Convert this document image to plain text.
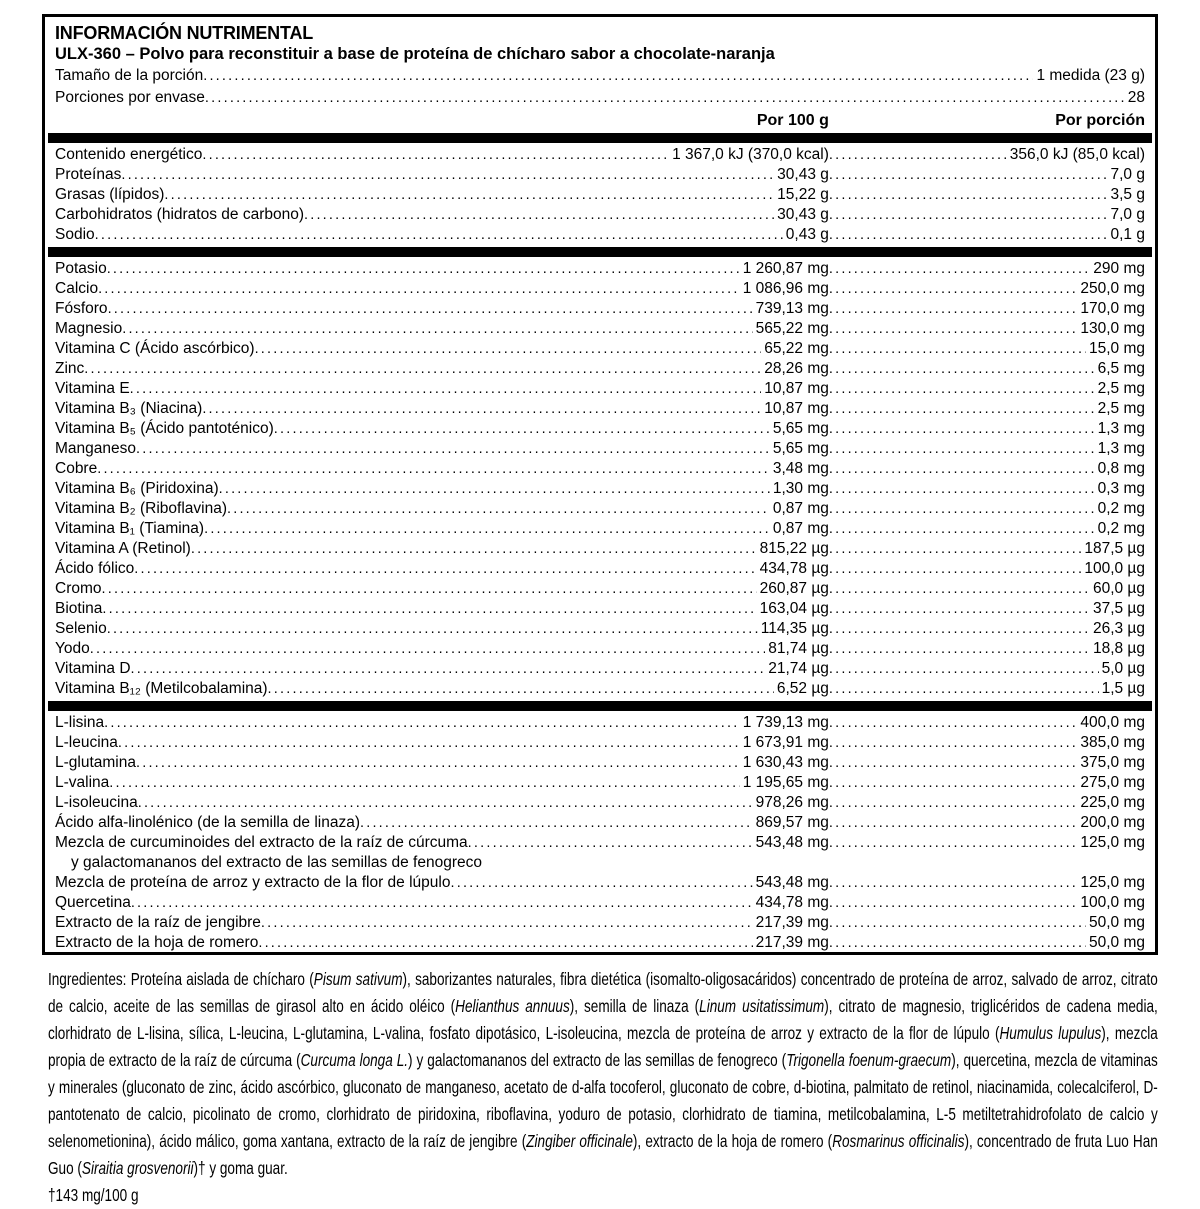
INFORMACIÓN NUTRIMENTAL
ULX-360 – Polvo para reconstituir a base de proteína de chícharo sabor a chocolate-naranja
Tamaño de la porción .....	1 medida (23 g)
Porciones por envase .....	28
Por 100 g	Por porción
Contenido energético .....	1 367,0 kJ (370,0 kcal) .....	356,0 kJ (85,0 kcal)
Proteínas .....	30,43 g .....	7,0 g
Grasas (lípidos) .....	15,22 g .....	3,5 g
Carbohidratos (hidratos de carbono) .....	30,43 g .....	7,0 g
Sodio .....	0,43 g .....	0,1 g
Potasio .....	1 260,87 mg .....	290 mg
Calcio .....	1 086,96 mg .....	250,0 mg
Fósforo .....	739,13 mg .....	170,0 mg
Magnesio .....	565,22 mg .....	130,0 mg
Vitamina C (Ácido ascórbico) .....	65,22 mg .....	15,0 mg
Zinc .....	28,26 mg .....	6,5 mg
Vitamina E .....	10,87 mg .....	2,5 mg
Vitamina B₃ (Niacina) .....	10,87 mg .....	2,5 mg
Vitamina B₅ (Ácido pantoténico) .....	5,65 mg .....	1,3 mg
Manganeso .....	5,65 mg .....	1,3 mg
Cobre .....	3,48 mg .....	0,8 mg
Vitamina B₆ (Piridoxina) .....	1,30 mg .....	0,3 mg
Vitamina B₂ (Riboflavina) .....	0,87 mg .....	0,2 mg
Vitamina B₁ (Tiamina) .....	0,87 mg .....	0,2 mg
Vitamina A (Retinol) .....	815,22 µg .....	187,5 µg
Ácido fólico .....	434,78 µg .....	100,0 µg
Cromo .....	260,87 µg .....	60,0 µg
Biotina .....	163,04 µg .....	37,5 µg
Selenio .....	114,35 µg .....	26,3 µg
Yodo .....	81,74 µg .....	18,8 µg
Vitamina D .....	21,74 µg .....	5,0 µg
Vitamina B₁₂ (Metilcobalamina) .....	6,52 µg .....	1,5 µg
L-lisina .....	1 739,13 mg .....	400,0 mg
L-leucina .....	1 673,91 mg .....	385,0 mg
L-glutamina .....	1 630,43 mg .....	375,0 mg
L-valina .....	1 195,65 mg .....	275,0 mg
L-isoleucina .....	978,26 mg .....	225,0 mg
Ácido alfa-linolénico (de la semilla de linaza) .....	869,57 mg .....	200,0 mg
Mezcla de curcuminoides del extracto de la raíz de cúrcuma .....	543,48 mg .....	125,0 mg
y galactomananos del extracto de las semillas de fenogreco
Mezcla de proteína de arroz y extracto de la flor de lúpulo .....	543,48 mg .....	125,0 mg
Quercetina .....	434,78 mg .....	100,0 mg
Extracto de la raíz de jengibre .....	217,39 mg .....	50,0 mg
Extracto de la hoja de romero .....	217,39 mg .....	50,0 mg

Ingredientes: Proteína aislada de chícharo (Pisum sativum), saborizantes naturales, fibra dietética (isomalto-oligosacáridos) concentrado de proteína de arroz, salvado de arroz, citrato de calcio, aceite de las semillas de girasol alto en ácido oléico (Helianthus annuus), semilla de linaza (Linum usitatissimum), citrato de magnesio, triglicéridos de cadena media, clorhidrato de L-lisina, sílica, L-leucina, L-glutamina, L-valina, fosfato dipotásico, L-isoleucina, mezcla de proteína de arroz y extracto de la flor de lúpulo (Humulus lupulus), mezcla propia de extracto de la raíz de cúrcuma (Curcuma longa L.) y galactomananos del extracto de las semillas de fenogreco (Trigonella foenum-graecum), quercetina, mezcla de vitaminas y minerales (gluconato de zinc, ácido ascórbico, gluconato de manganeso, acetato de d-alfa tocoferol, gluconato de cobre, d-biotina, palmitato de retinol, niacinamida, colecalciferol, D-pantotenato de calcio, picolinato de cromo, clorhidrato de piridoxina, riboflavina, yoduro de potasio, clorhidrato de tiamina, metilcobalamina, L-5 metiltetrahidrofolato de calcio y selenometionina), ácido málico, goma xantana, extracto de la raíz de jengibre (Zingiber officinale), extracto de la hoja de romero (Rosmarinus officinalis), concentrado de fruta Luo Han Guo (Siraitia grosvenorii)† y goma guar.

†143 mg/100 g
